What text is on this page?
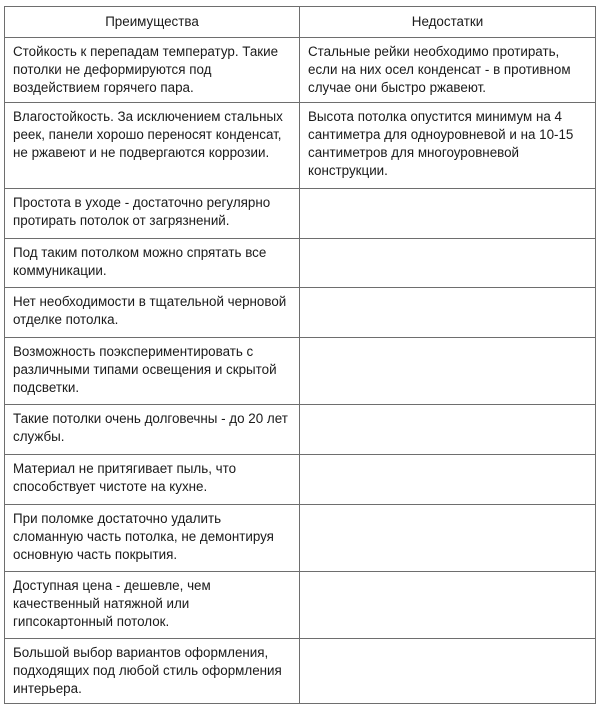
Преимущества	Недостатки
Стойкость к перепадам температур. Такие потолки не деформируются под воздействием горячего пара.	Стальные рейки необходимо протирать, если на них осел конденсат - в противном случае они быстро ржавеют.
Влагостойкость. За исключением стальных реек, панели хорошо переносят конденсат, не ржавеют и не подвергаются коррозии.	Высота потолка опустится минимум на 4 сантиметра для одноуровневой и на 10-15 сантиметров для многоуровневой конструкции.
Простота в уходе - достаточно регулярно протирать потолок от загрязнений.	
Под таким потолком можно спрятать все коммуникации.	
Нет необходимости в тщательной черновой отделке потолка.	
Возможность поэкспериментировать с различными типами освещения и скрытой подсветки.	
Такие потолки очень долговечны - до 20 лет службы.	
Материал не притягивает пыль, что способствует чистоте на кухне.	
При поломке достаточно удалить сломанную часть потолка, не демонтируя основную часть покрытия.	
Доступная цена - дешевле, чем качественный натяжной или гипсокартонный потолок.	
Большой выбор вариантов оформления, подходящих под любой стиль оформления интерьера.	
